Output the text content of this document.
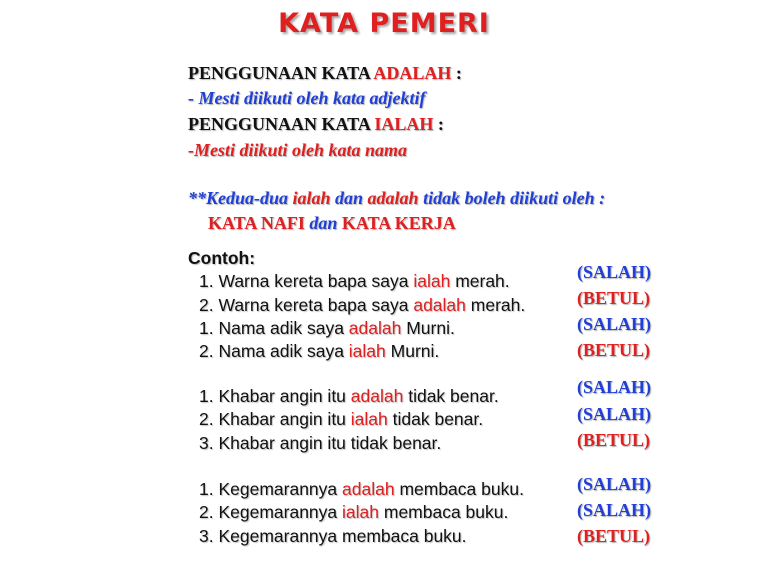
KATA PEMERI
PENGGUNAAN KATA ADALAH :
- Mesti diikuti oleh kata adjektif
PENGGUNAAN KATA IALAH :
-Mesti diikuti oleh kata nama
**Kedua-dua ialah dan adalah tidak boleh diikuti oleh :
KATA NAFI dan KATA KERJA
Contoh:
1. Warna kereta bapa saya ialah merah.	(SALAH)
2. Warna kereta bapa saya adalah merah.	(BETUL)
1. Nama adik saya adalah Murni.	(SALAH)
2. Nama adik saya ialah Murni.	(BETUL)
1. Khabar angin itu adalah tidak benar.	(SALAH)
2. Khabar angin itu ialah tidak benar.	(SALAH)
3. Khabar angin itu tidak benar.	(BETUL)
1. Kegemarannya adalah membaca buku.	(SALAH)
2. Kegemarannya ialah membaca buku.	(SALAH)
3. Kegemarannya membaca buku.	(BETUL)
